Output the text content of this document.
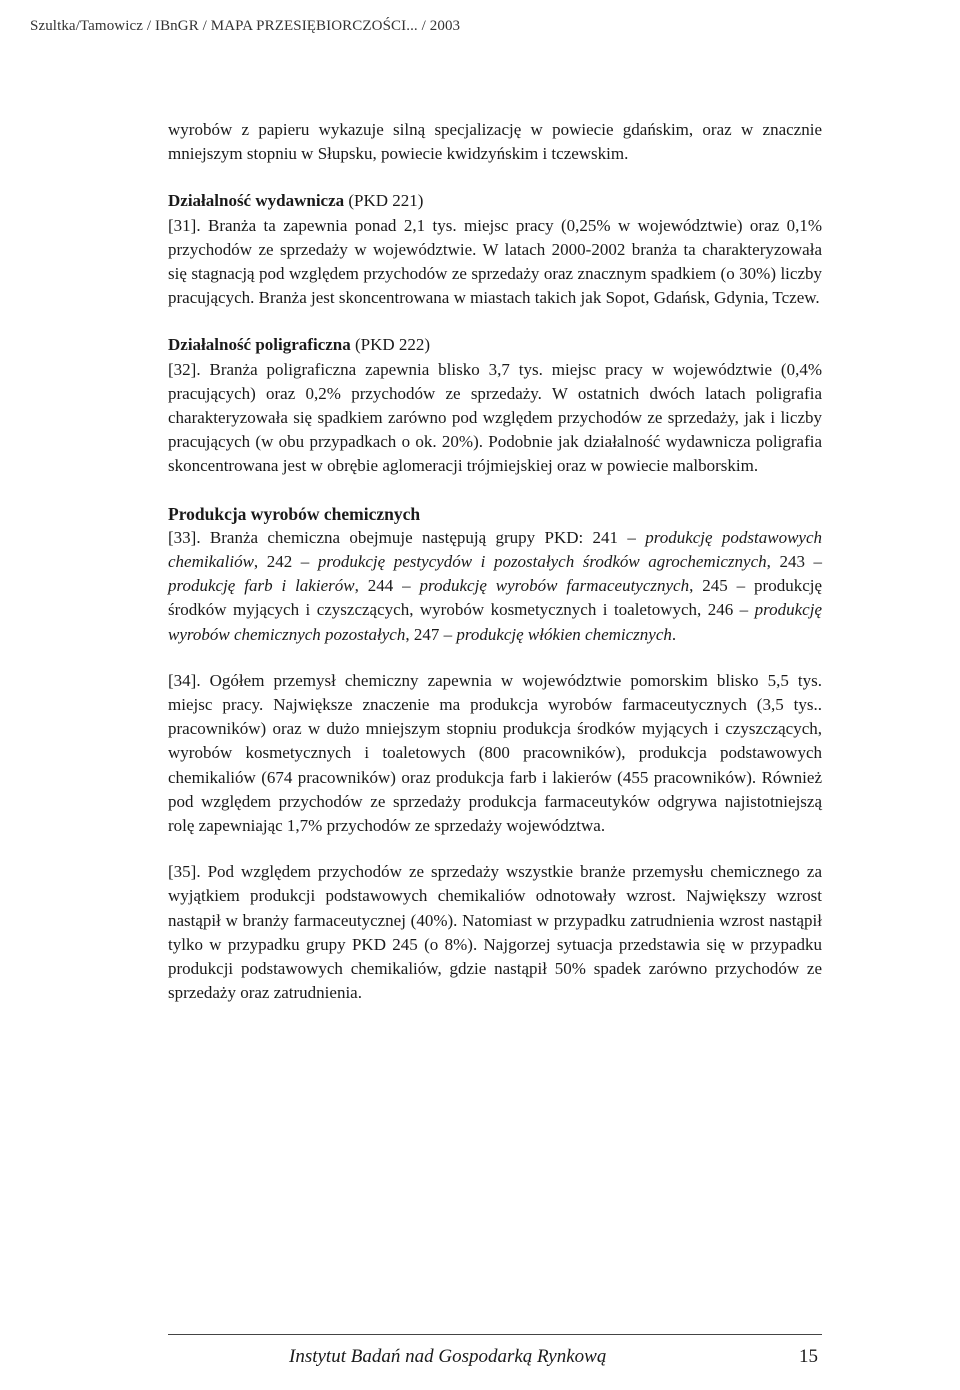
Szultka/Tamowicz / IBnGR / MAPA PRZESIĘBIORCZOŚCI... / 2003

wyrobów z papieru wykazuje silną specjalizację w powiecie gdańskim, oraz w znacznie mniejszym stopniu w Słupsku, powiecie kwidzyńskim i tczewskim.

Działalność wydawnicza (PKD 221)

[31]. Branża ta zapewnia ponad 2,1 tys. miejsc pracy (0,25% w województwie) oraz 0,1% przychodów ze sprzedaży w województwie. W latach 2000-2002 branża ta charakteryzowała się stagnacją pod względem przychodów ze sprzedaży oraz znacznym spadkiem (o 30%) liczby pracujących. Branża jest skoncentrowana w miastach takich jak Sopot, Gdańsk, Gdynia, Tczew.

Działalność poligraficzna (PKD 222)

[32]. Branża poligraficzna zapewnia blisko 3,7 tys. miejsc pracy w województwie (0,4% pracujących) oraz 0,2% przychodów ze sprzedaży. W ostatnich dwóch latach poligrafia charakteryzowała się spadkiem zarówno pod względem przychodów ze sprzedaży, jak i liczby pracujących (w obu przypadkach o ok. 20%). Podobnie jak działalność wydawnicza poligrafia skoncentrowana jest w obrębie aglomeracji trójmiejskiej oraz w powiecie malborskim.

Produkcja wyrobów chemicznych

[33]. Branża chemiczna obejmuje następują grupy PKD: 241 – produkcję podstawowych chemikaliów, 242 – produkcję pestycydów i pozostałych środków agrochemicznych, 243 – produkcję farb i lakierów, 244 – produkcję wyrobów farmaceutycznych, 245 – produkcję środków myjących i czyszczących, wyrobów kosmetycznych i toaletowych, 246 – produkcję wyrobów chemicznych pozostałych, 247 – produkcję włókien chemicznych.

[34]. Ogółem przemysł chemiczny zapewnia w województwie pomorskim blisko 5,5 tys. miejsc pracy. Największe znaczenie ma produkcja wyrobów farmaceutycznych (3,5 tys.. pracowników) oraz w dużo mniejszym stopniu produkcja środków myjących i czyszczących, wyrobów kosmetycznych i toaletowych (800 pracowników), produkcja podstawowych chemikaliów (674 pracowników) oraz produkcja farb i lakierów (455 pracowników). Również pod względem przychodów ze sprzedaży produkcja farmaceutyków odgrywa najistotniejszą rolę zapewniając 1,7% przychodów ze sprzedaży województwa.

[35]. Pod względem przychodów ze sprzedaży wszystkie branże przemysłu chemicznego za wyjątkiem produkcji podstawowych chemikaliów odnotowały wzrost. Największy wzrost nastąpił w branży farmaceutycznej (40%). Natomiast w przypadku zatrudnienia wzrost nastąpił tylko w przypadku grupy PKD 245 (o 8%). Najgorzej sytuacja przedstawia się w przypadku produkcji podstawowych chemikaliów, gdzie nastąpił 50% spadek zarówno przychodów ze sprzedaży oraz zatrudnienia.

Instytut Badań nad Gospodarką Rynkową	15
